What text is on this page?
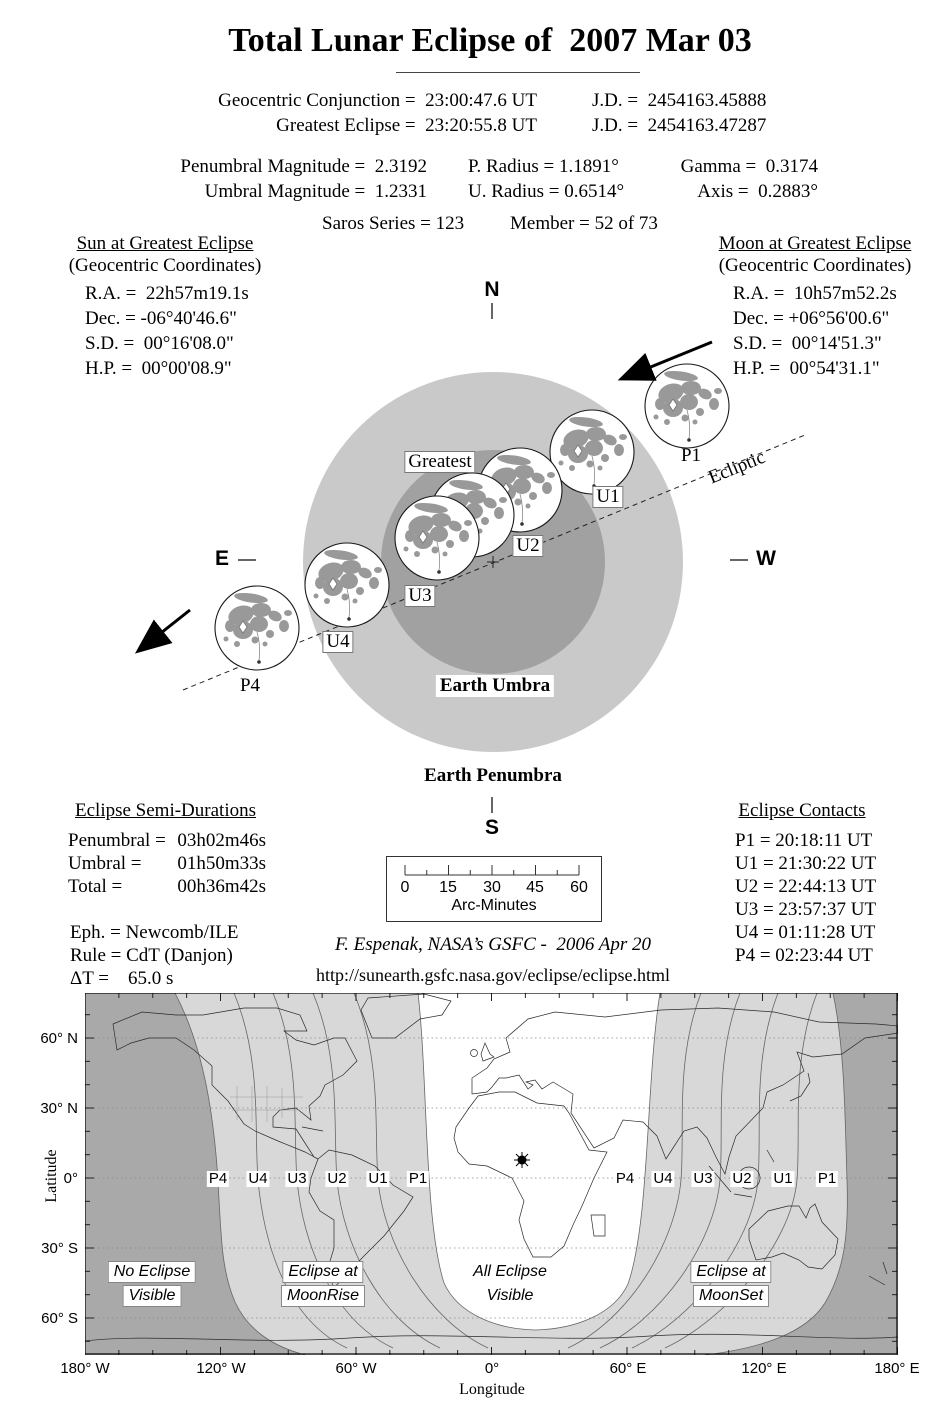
Total Lunar Eclipse of  2007 Mar 03
Geocentric Conjunction =  23:00:47.6 UT	J.D. =  2454163.45888
Greatest Eclipse =  23:20:55.8 UT	J.D. =  2454163.47287
Penumbral Magnitude =  2.3192 P. Radius = 1.1891°	Gamma =  0.3174
Umbral Magnitude =  1.2331 U. Radius = 0.6514°	Axis =  0.2883°
Saros Series = 123 Member = 52 of 73
Sun at Greatest Eclipse
(Geocentric Coordinates)
R.A. =  22h57m19.1s
Dec. = -06°40'46.6"
S.D. =  00°16'08.0"
H.P. =  00°00'08.9"
Moon at Greatest Eclipse
(Geocentric Coordinates)
R.A. =  10h57m52.2s
Dec. = +06°56'00.6"
S.D. =  00°14'51.3"
H.P. =  00°54'31.1"
N
S
E	W
Greatest	P1
U1
U2
U3
U4
P4
Ecliptic
Earth Umbra
Earth Penumbra
Eclipse Semi-Durations
Penumbral = 03h02m46s
Umbral = 01h50m33s
Total =	00h36m42s
Eph. = Newcomb/ILE
Rule = CdT (Danjon)
ΔT =    65.0 s
Eclipse Contacts
P1 = 20:18:11 UT
U1 = 21:30:22 UT
U2 = 22:44:13 UT
U3 = 23:57:37 UT
U4 = 01:11:28 UT
P4 = 02:23:44 UT

0

15

30

45

60

Arc-Minutes

F. Espenak, NASA’s GSFC -  2006 Apr 20
http://sunearth.gsfc.nasa.gov/eclipse/eclipse.html
60° N
30° N
0°
30° S
60° S
180° W	120° W	60° W	0°	60° E	120° E	180° E
Latitude
Longitude
P4 U4 U3 U2 U1 P1	P4 U4 U3 U2 U1 P1
No Eclipse
Visible
Eclipse at
MoonRise
All Eclipse
Visible
Eclipse at
MoonSet
